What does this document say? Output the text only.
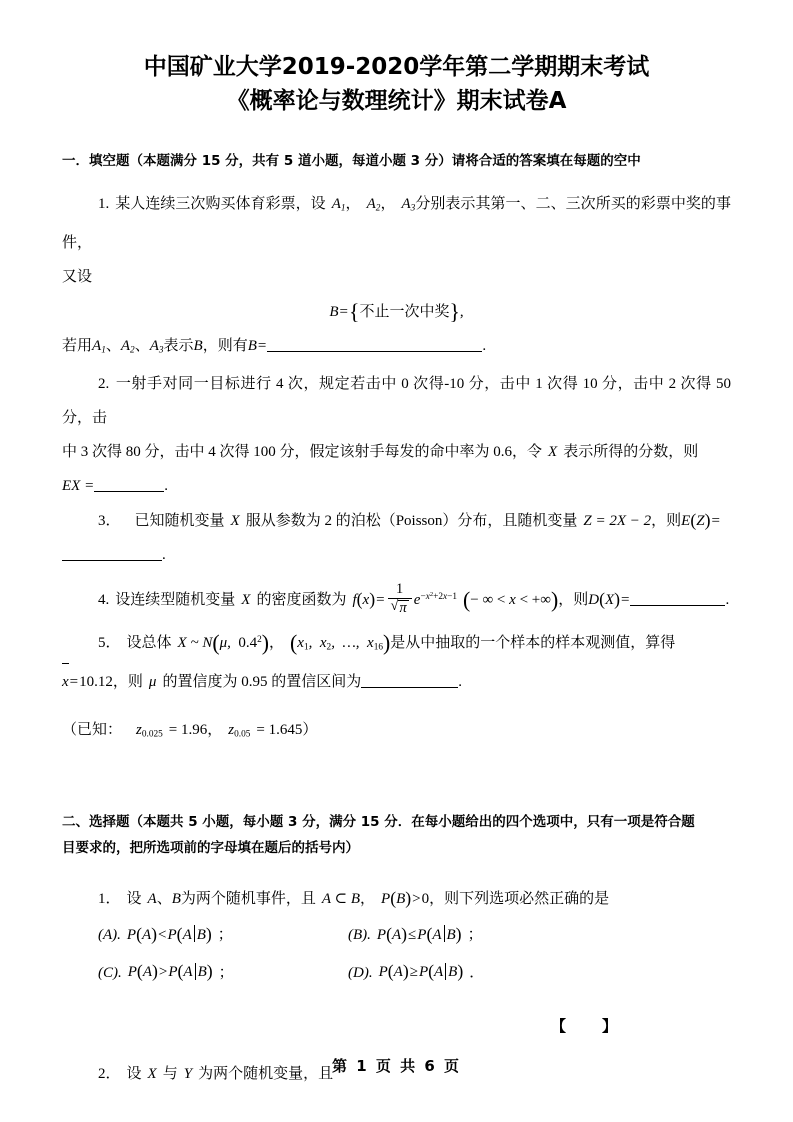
中国矿业大学2019-2020学年第二学期期末考试
《概率论与数理统计》期末试卷A
一．填空题（本题满分 15 分，共有 5 道小题，每道小题 3 分）请将合适的答案填在每题的空中
1. 某人连续三次购买体育彩票，设 $A_1$， $A_2$， $A_3$分别表示其第一、二、三次所买的彩票中奖的事件，
又设
B={不止一次中奖},
若用$A_1$、$A_2$、$A_3$表示B，则有B=	.
2. 一射手对同一目标进行 4 次，规定若击中 0 次得-10 分，击中 1 次得 10 分，击中 2 次得 50 分，击
中 3 次得 80 分，击中 4 次得 100 分，假定该射手每发的命中率为 0.6，令 X 表示所得的分数，则
EX =	.
3． 已知随机变量 X 服从参数为 2 的泊松（Poisson）分布，且随机变量 Z = 2X − 2，则E(Z)=
.
4. 设连续型随机变量 X 的密度函数为 f(x)= 1
√ π $e^{-x^2+2x-1}$ (− ∞ < x < +∞)，则D(X)=	.
5． 设总体 X ~ N(μ,  $0.4^2$)， ($x_1$,  $x_2$,  …,  $x_{16}$)是从中抽取的一个样本的样本观测值，算得
x=10.12，则 μ 的置信度为 0.95 的置信区间为	.
（已知： $z_{0.025} = 1.96$， $z_{0.05} = 1.645$）
二、选择题（本题共 5 小题，每小题 3 分，满分 15 分．在每小题给出的四个选项中，只有一项是符合题
目要求的，把所选项前的字母填在题后的括号内）
1． 设 A、B为两个随机事件，且 A ⊂ B， P(B)>0，则下列选项必然正确的是
(A). P(A)<P(A B) ；	(B). P(A)≤P(A B) ；
(C). P(A)>P(A B) ；	(D). P(A)≥P(A B) ．
【】
2． 设 X 与 Y 为两个随机变量，且
第 1 页 共 6 页
